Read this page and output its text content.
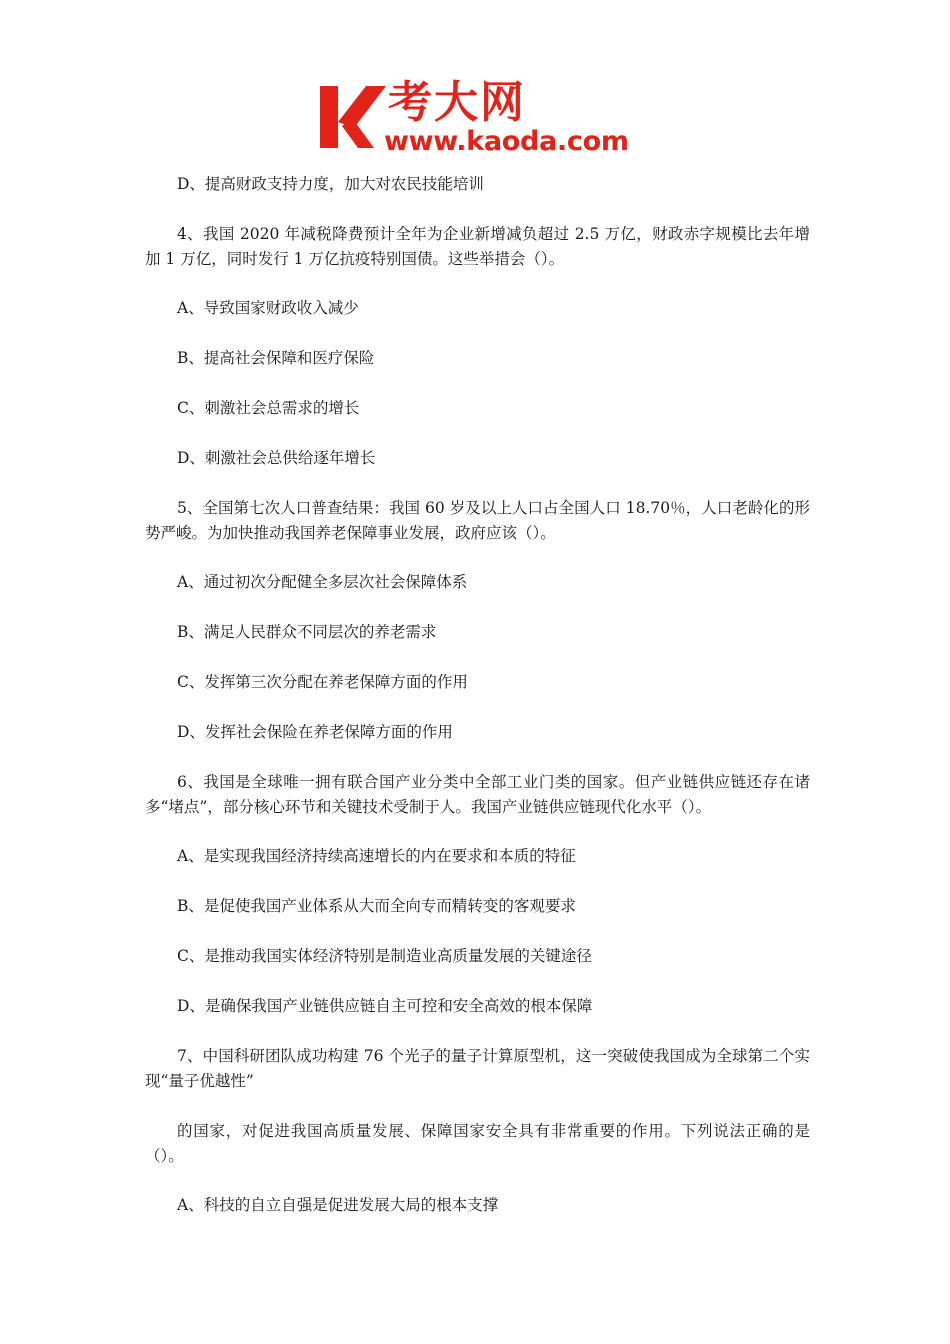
考大网
www.kaoda.com
D、提高财政支持力度，加大对农民技能培训
4、我国 2020 年减税降费预计全年为企业新增减负超过 2.5 万亿，财政赤字规模比去年增加 1 万亿，同时发行 1 万亿抗疫特别国债。这些举措会（）。
A、导致国家财政收入减少
B、提高社会保障和医疗保险
C、刺激社会总需求的增长
D、刺激社会总供给逐年增长
5、全国第七次人口普查结果：我国 60 岁及以上人口占全国人口 18.70％，人口老龄化的形势严峻。为加快推动我国养老保障事业发展，政府应该（）。
A、通过初次分配健全多层次社会保障体系
B、满足人民群众不同层次的养老需求
C、发挥第三次分配在养老保障方面的作用
D、发挥社会保险在养老保障方面的作用
6、我国是全球唯一拥有联合国产业分类中全部工业门类的国家。但产业链供应链还存在诸多“堵点”，部分核心环节和关键技术受制于人。我国产业链供应链现代化水平（）。
A、是实现我国经济持续高速增长的内在要求和本质的特征
B、是促使我国产业体系从大而全向专而精转变的客观要求
C、是推动我国实体经济特别是制造业高质量发展的关键途径
D、是确保我国产业链供应链自主可控和安全高效的根本保障
7、中国科研团队成功构建 76 个光子的量子计算原型机，这一突破使我国成为全球第二个实现“量子优越性”
的国家，对促进我国高质量发展、保障国家安全具有非常重要的作用。下列说法正确的是（）。
A、科技的自立自强是促进发展大局的根本支撑
